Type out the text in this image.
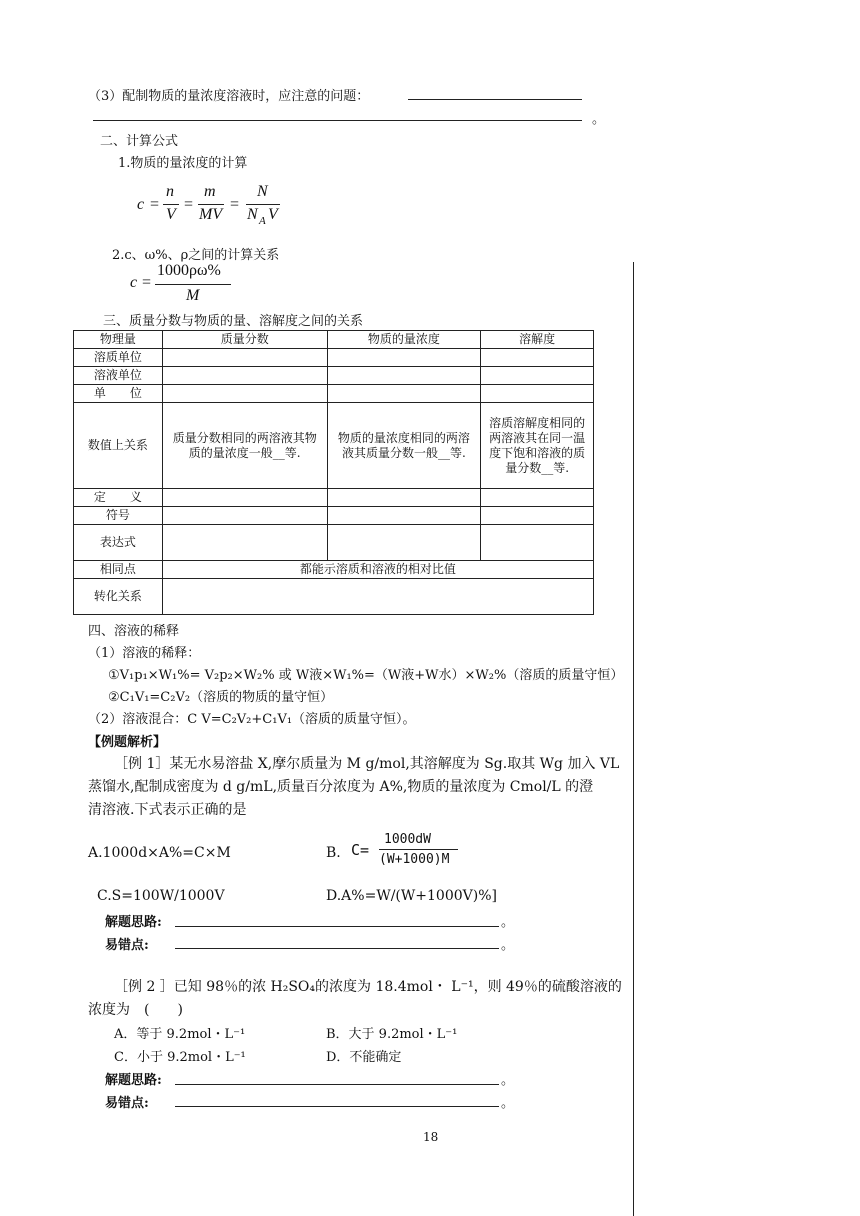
（3）配制物质的量浓度溶液时，应注意的问题：
。
二、计算公式
1.物质的量浓度的计算
c =
n
V
=
m
MV
=
N
N A V
2.c、ω%、ρ之间的计算关系
c =
1000ρω%
M
三、质量分数与物质的量、溶解度之间的关系
物理量	质量分数	物质的量浓度	溶解度
溶质单位			
溶液单位			
单　　位			
数值上关系	质量分数相同的两溶液其物质的量浓度一般__等.	物质的量浓度相同的两溶液其质量分数一般__等.	溶质溶解度相同的两溶液其在同一温度下饱和溶液的质量分数__等.
定　　义			
符号			
表达式			
相同点	都能示溶质和溶液的相对比值		
转化关系			
四、溶液的稀释
（1）溶液的稀释：
①V₁p₁×W₁%= V₂p₂×W₂% 或 W液×W₁%=（W液+W水）×W₂%（溶质的质量守恒）
②C₁V₁=C₂V₂（溶质的物质的量守恒）
（2）溶液混合：C V=C₂V₂+C₁V₁（溶质的质量守恒）。
【例题解析】
［例 1］某无水易溶盐 X,摩尔质量为 M g/mol,其溶解度为 Sg.取其 Wg 加入 VL
蒸馏水,配制成密度为 d g/mL,质量百分浓度为 A%,物质的量浓度为 Cmol/L 的澄
清溶液.下式表示正确的是
A.1000d×A%=C×M	B. C=
1000dW
(W+1000)M
C.S=100W/1000V	D.A%=W/(W+1000V)%]
解题思路:	。
易错点:	。
［例 2 ］已知 98％的浓 H₂SO₄的浓度为 18.4mol・ L⁻¹，则 49％的硫酸溶液的
浓度为　(　　)
A．等于 9.2mol・L⁻¹	B．大于 9.2mol・L⁻¹
C．小于 9.2mol・L⁻¹	D．不能确定
解题思路:	。
易错点:	。
18
